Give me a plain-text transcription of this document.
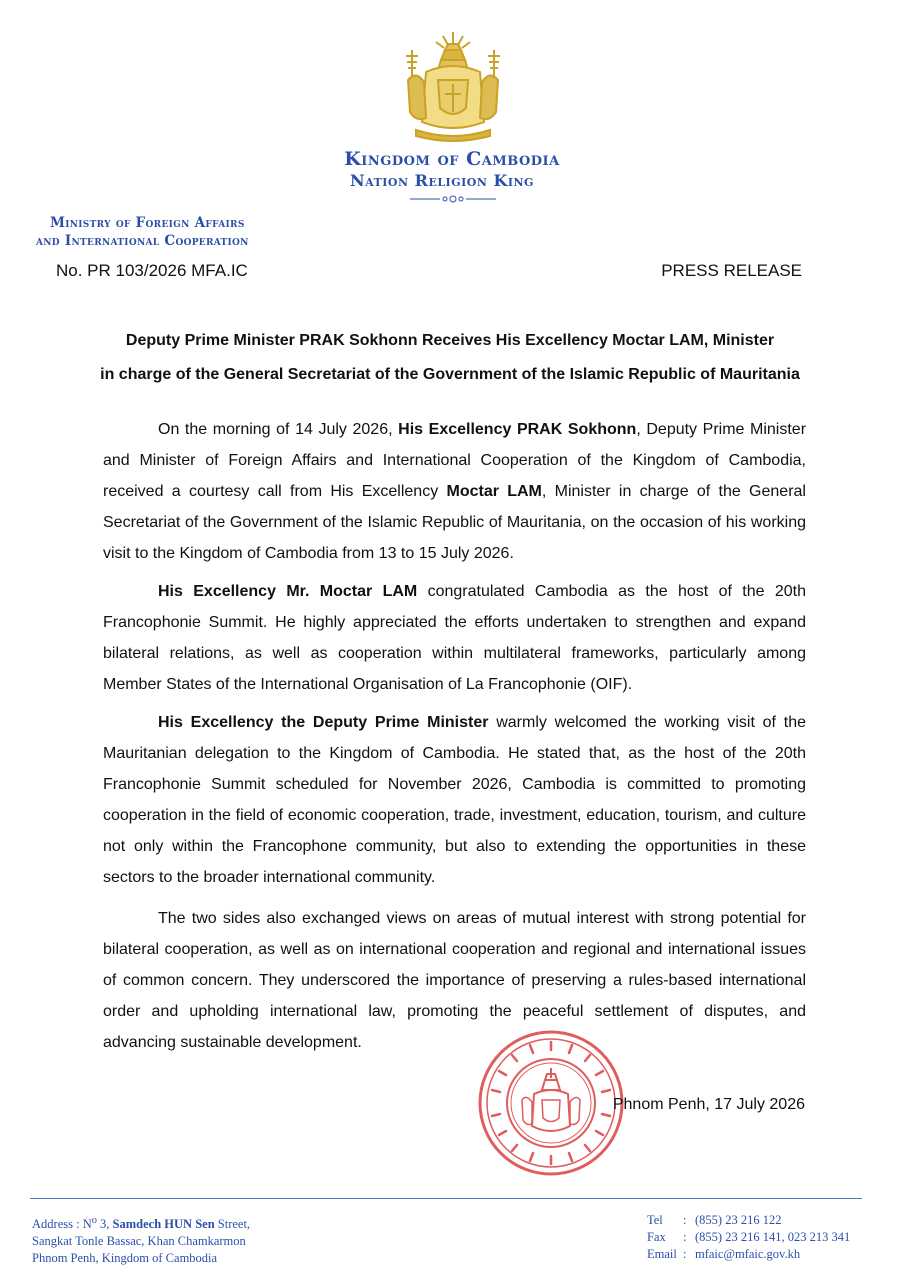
Kingdom of Cambodia
Nation Religion King
Ministry of Foreign Affairs
and International Cooperation
No. PR 103/2026 MFA.IC	PRESS RELEASE
Deputy Prime Minister PRAK Sokhonn Receives His Excellency Moctar LAM, Minister
in charge of the General Secretariat of the Government of the Islamic Republic of Mauritania
On the morning of 14 July 2026, His Excellency PRAK Sokhonn, Deputy Prime Minister and Minister of Foreign Affairs and International Cooperation of the Kingdom of Cambodia, received a courtesy call from His Excellency Moctar LAM, Minister in charge of the General Secretariat of the Government of the Islamic Republic of Mauritania, on the occasion of his working visit to the Kingdom of Cambodia from 13 to 15 July 2026.
His Excellency Mr. Moctar LAM congratulated Cambodia as the host of the 20th Francophonie Summit. He highly appreciated the efforts undertaken to strengthen and expand bilateral relations, as well as cooperation within multilateral frameworks, particularly among Member States of the International Organisation of La Francophonie (OIF).
His Excellency the Deputy Prime Minister warmly welcomed the working visit of the Mauritanian delegation to the Kingdom of Cambodia. He stated that, as the host of the 20th Francophonie Summit scheduled for November 2026, Cambodia is committed to promoting cooperation in the field of economic cooperation, trade, investment, education, tourism, and culture not only within the Francophone community, but also to extending the opportunities in these sectors to the broader international community.
The two sides also exchanged views on areas of mutual interest with strong potential for bilateral cooperation, as well as on international cooperation and regional and international issues of common concern. They underscored the importance of preserving a rules-based international order and upholding international law, promoting the peaceful settlement of disputes, and advancing sustainable development.
Phnom Penh, 17 July 2026
Address : $N^o$ 3, Samdech HUN Sen Street,
Sangkat Tonle Bassac, Khan Chamkarmon
Phnom Penh, Kingdom of Cambodia
Tel : (855) 23 216 122
Fax : (855) 23 216 141, 023 213 341
Email : mfaic@mfaic.gov.kh
